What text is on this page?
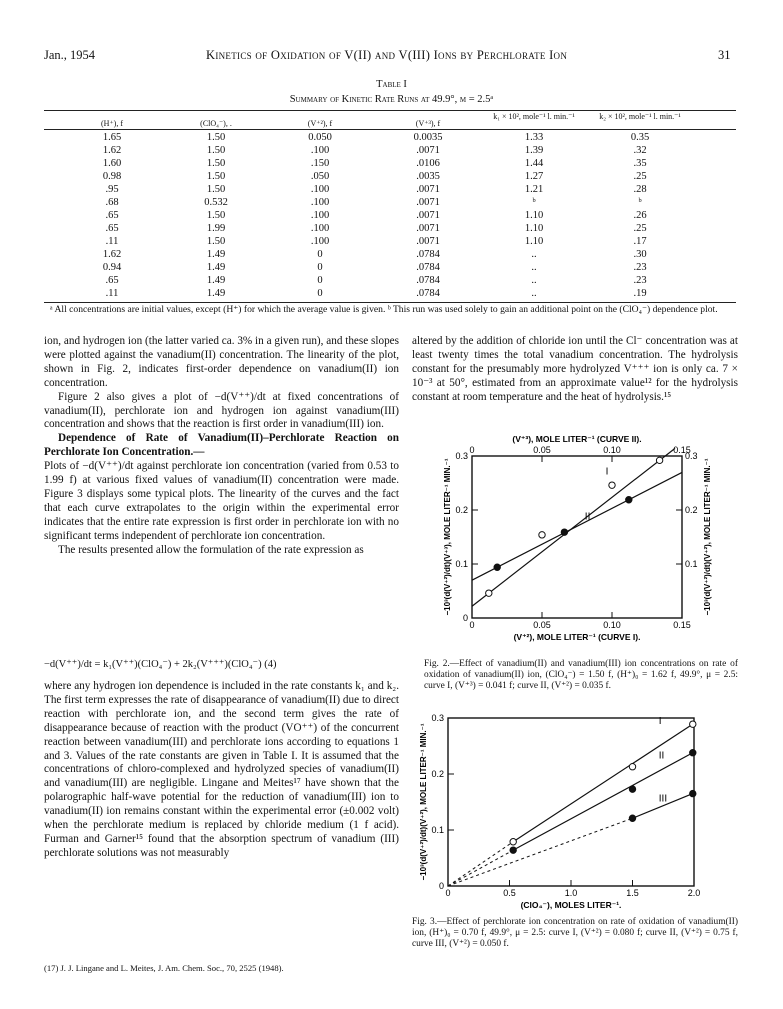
Jan., 1954	Kinetics of Oxidation of V(II) and V(III) Ions by Perchlorate Ion	31
Table I
Summary of Kinetic Rate Runs at 49.9°, μ = 2.5ᵃ
(H⁺), f	(ClO₄⁻), .	(V⁺²), f	(V⁺³), f
k₁ × 10², mole⁻¹ l. min.⁻¹	k₂ × 10², mole⁻¹ l. min.⁻¹
1.65	1.50	0.050	0.0035	1.33	0.35
1.62	1.50	.100	.0071	1.39	.32
1.60	1.50	.150	.0106	1.44	.35
0.98	1.50	.050	.0035	1.27	.25
.95	1.50	.100	.0071	1.21	.28
.68	0.532	.100	.0071	ᵇ	ᵇ
.65	1.50	.100	.0071	1.10	.26
.65	1.99	.100	.0071	1.10	.25
.11	1.50	.100	.0071	1.10	.17
1.62	1.49	0	.0784	..	.30
0.94	1.49	0	.0784	..	.23
.65	1.49	0	.0784	..	.23
.11	1.49	0	.0784	..	.19
ᵃ All concentrations are initial values, except (H⁺) for which the average value is given. ᵇ This run was used solely to gain an additional point on the (ClO₄⁻) dependence plot.

ion, and hydrogen ion (the latter varied ca. 3% in a given run), and these slopes were plotted against the vanadium(II) concentration. The linearity of the plot, shown in Fig. 2, indicates first-order dependence on vanadium(II) ion concentration.

Figure 2 also gives a plot of −d(V⁺⁺)/dt at fixed concentrations of vanadium(II), perchlorate ion and hydrogen ion against vanadium(III) concentration and shows that the reaction is first order in vanadium(III) ion.

Dependence of Rate of Vanadium(II)–Perchlorate Reaction on Perchlorate Ion Concentration.—

Plots of −d(V⁺⁺)/dt against perchlorate ion concentration (varied from 0.53 to 1.99 f) at various fixed values of vanadium(II) concentration were made. Figure 3 displays some typical plots. The linearity of the curves and the fact that each curve extrapolates to the origin within the experimental error indicates that the entire rate expression is first order in perchlorate ion with no significant terms independent of perchlorate ion concentration.

The results presented allow the formulation of the rate expression as

−d(V⁺⁺)/dt = k₁(V⁺⁺)(ClO₄⁻) + 2k₂(V⁺⁺⁺)(ClO₄⁻) (4)

where any hydrogen ion dependence is included in the rate constants k₁ and k₂. The first term expresses the rate of disappearance of vanadium(II) due to direct reaction with perchlorate ion, and the second term gives the rate of disappearance because of reaction with the product (VO⁺⁺) of the concurrent reaction between vanadium(III) and perchlorate ions according to equations 1 and 3. Values of the rate constants are given in Table I. It is assumed that the concentrations of chloro-complexed and hydrolyzed species of vanadium(II) and vanadium(III) are negligible. Lingane and Meites¹⁷ have shown that the polarographic half-wave potential for the reduction of vanadium(III) ion to vanadium(II) ion remains constant within the experimental error (±0.002 volt) when the perchlorate medium is replaced by chloride medium (1 f acid). Furman and Garner¹⁵ found that the absorption spectrum of vanadium (III) perchlorate solutions was not measurably

(17) J. J. Lingane and L. Meites, J. Am. Chem. Soc., 70, 2525 (1948).

altered by the addition of chloride ion until the Cl⁻ concentration was at least twenty times the total vanadium concentration. The hydrolysis constant for the presumably more hydrolyzed V⁺⁺⁺ ion is only ca. 7 × 10⁻³ at 50°, estimated from an approximate value¹² for the hydrolysis constant at room temperature and the heat of hydrolysis.¹⁵

0	0.05	0.10	0.15
0
0.1
0.2
0.3
0	0.05	0.10	0.15
0.1
0.2
0.3
(V⁺³), MOLE LITER⁻¹ (CURVE II).
−10³(d(V⁺²)/dt)(V⁺²), MOLE LITER⁻¹ MIN.⁻¹
(V⁺²), MOLE LITER⁻¹ (CURVE I).
−10³(d(V⁺²)/dt)(V⁺³), MOLE LITER⁻¹ MIN.⁻¹	I
II
Fig. 2.—Effect of vanadium(II) and vanadium(III) ion concentrations on rate of oxidation of vanadium(II) ion, (ClO₄⁻) = 1.50 f, (H⁺)₀ = 1.62 f, 49.9°, μ = 2.5: curve I, (V⁺³) = 0.041 f; curve II, (V⁺²) = 0.035 f.
0	0.5	1.0	1.5	2.0
0
0.1
0.2
0.3
(ClO₄⁻), MOLES LITER⁻¹.
−10³(d(V⁺²)/dt)(V⁺²), MOLE LITER⁻¹ MIN.⁻¹
I
II
III
Fig. 3.—Effect of perchlorate ion concentration on rate of oxidation of vanadium(II) ion, (H⁺)₀ = 0.70 f, 49.9°, μ = 2.5: curve I, (V⁺²) = 0.080 f; curve II, (V⁺²) = 0.75 f, curve III, (V⁺²) = 0.050 f.
